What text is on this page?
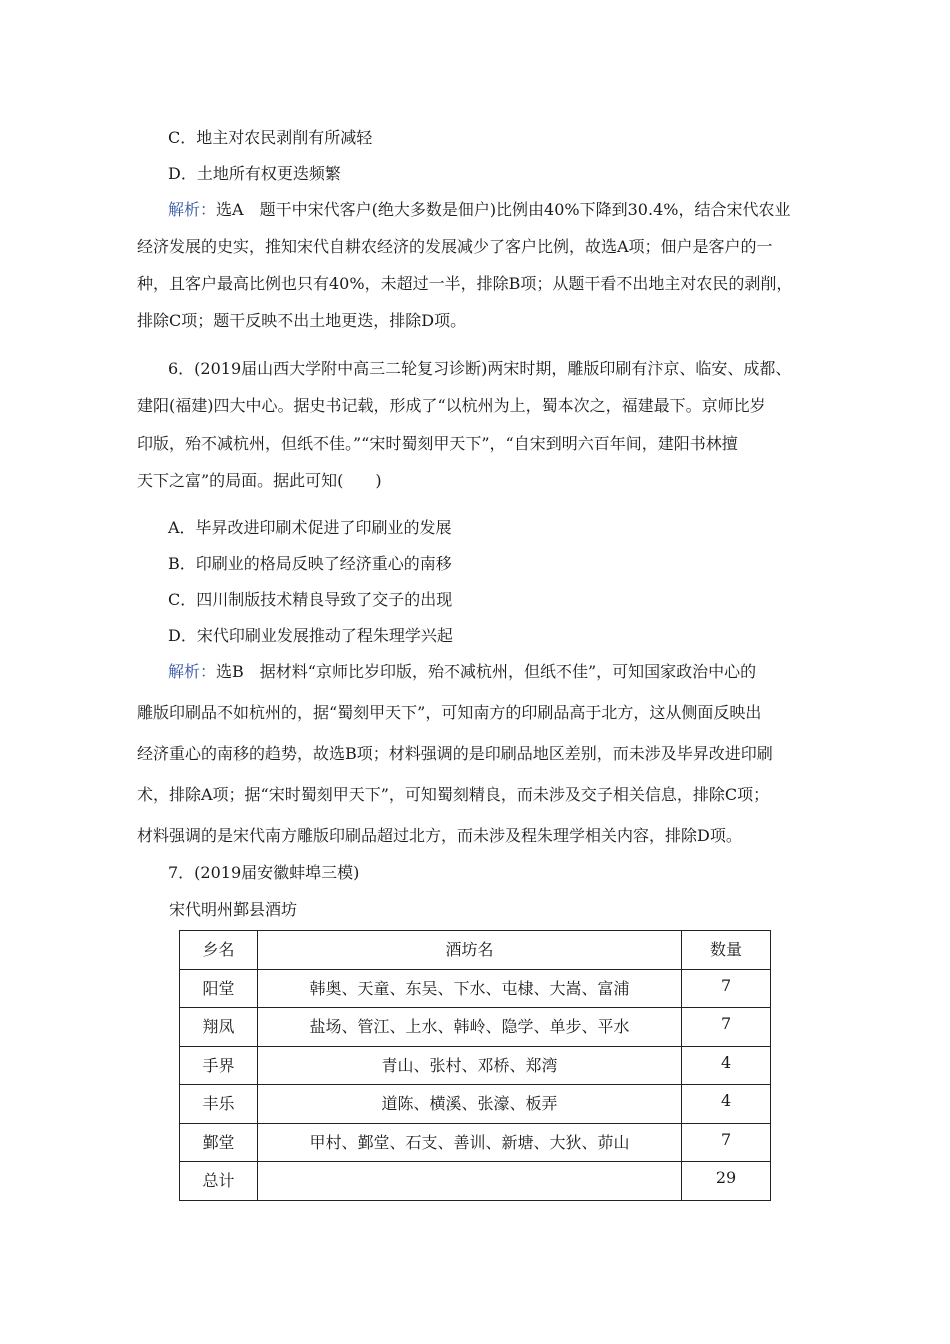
C．地主对农民剥削有所减轻
D．土地所有权更迭频繁
解析：选A　题干中宋代客户(绝大多数是佃户)比例由40%下降到30.4%，结合宋代农业
经济发展的史实，推知宋代自耕农经济的发展减少了客户比例，故选A项；佃户是客户的一
种，且客户最高比例也只有40%，未超过一半，排除B项；从题干看不出地主对农民的剥削，
排除C项；题干反映不出土地更迭，排除D项。
6．(2019届山西大学附中高三二轮复习诊断)两宋时期，雕版印刷有汴京、临安、成都、
建阳(福建)四大中心。据史书记载，形成了“以杭州为上，蜀本次之，福建最下。京师比岁
印版，殆不减杭州，但纸不佳。”“宋时蜀刻甲天下”，“自宋到明六百年间，建阳书林擅
天下之富”的局面。据此可知(　　)
A．毕昇改进印刷术促进了印刷业的发展
B．印刷业的格局反映了经济重心的南移
C．四川制版技术精良导致了交子的出现
D．宋代印刷业发展推动了程朱理学兴起
解析：选B　据材料“京师比岁印版，殆不减杭州，但纸不佳”，可知国家政治中心的
雕版印刷品不如杭州的，据“蜀刻甲天下”，可知南方的印刷品高于北方，这从侧面反映出
经济重心的南移的趋势，故选B项；材料强调的是印刷品地区差别，而未涉及毕昇改进印刷
术，排除A项；据“宋时蜀刻甲天下”，可知蜀刻精良，而未涉及交子相关信息，排除C项；
材料强调的是宋代南方雕版印刷品超过北方，而未涉及程朱理学相关内容，排除D项。
7．(2019届安徽蚌埠三模)
宋代明州鄞县酒坊
乡名	酒坊名	数量
阳堂	韩奥、天童、东吴、下水、屯棣、大嵩、富浦	7
翔凤	盐场、管江、上水、韩岭、隐学、单步、平水	7
手界	青山、张村、邓桥、郑湾	4
丰乐	道陈、横溪、张濠、板弄	4
鄞堂	甲村、鄞堂、石支、善训、新塘、大狄、茆山	7
总计		29
